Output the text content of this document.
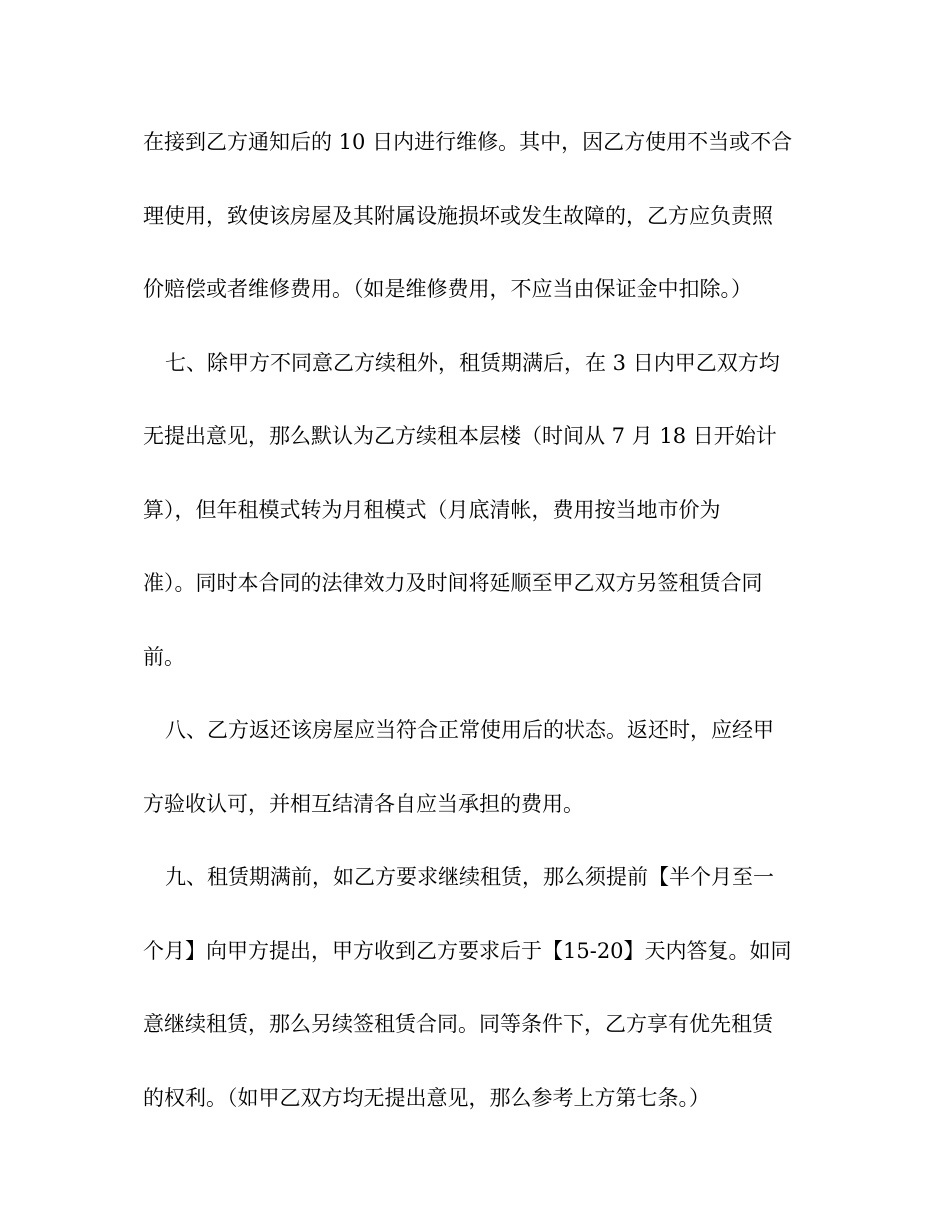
在接到乙方通知后的 10 日内进行维修。其中，因乙方使用不当或不合

理使用，致使该房屋及其附属设施损坏或发生故障的，乙方应负责照

价赔偿或者维修费用。（如是维修费用，不应当由保证金中扣除。）

七、除甲方不同意乙方续租外，租赁期满后，在 3 日内甲乙双方均

无提出意见，那么默认为乙方续租本层楼（时间从 7 月 18 日开始计

算），但年租模式转为月租模式（月底清帐，费用按当地市价为

准）。同时本合同的法律效力及时间将延顺至甲乙双方另签租赁合同

前。

八、乙方返还该房屋应当符合正常使用后的状态。返还时，应经甲

方验收认可，并相互结清各自应当承担的费用。

九、租赁期满前，如乙方要求继续租赁，那么须提前【半个月至一

个月】向甲方提出，甲方收到乙方要求后于【15-20】天内答复。如同

意继续租赁，那么另续签租赁合同。同等条件下，乙方享有优先租赁

的权利。（如甲乙双方均无提出意见，那么参考上方第七条。）
